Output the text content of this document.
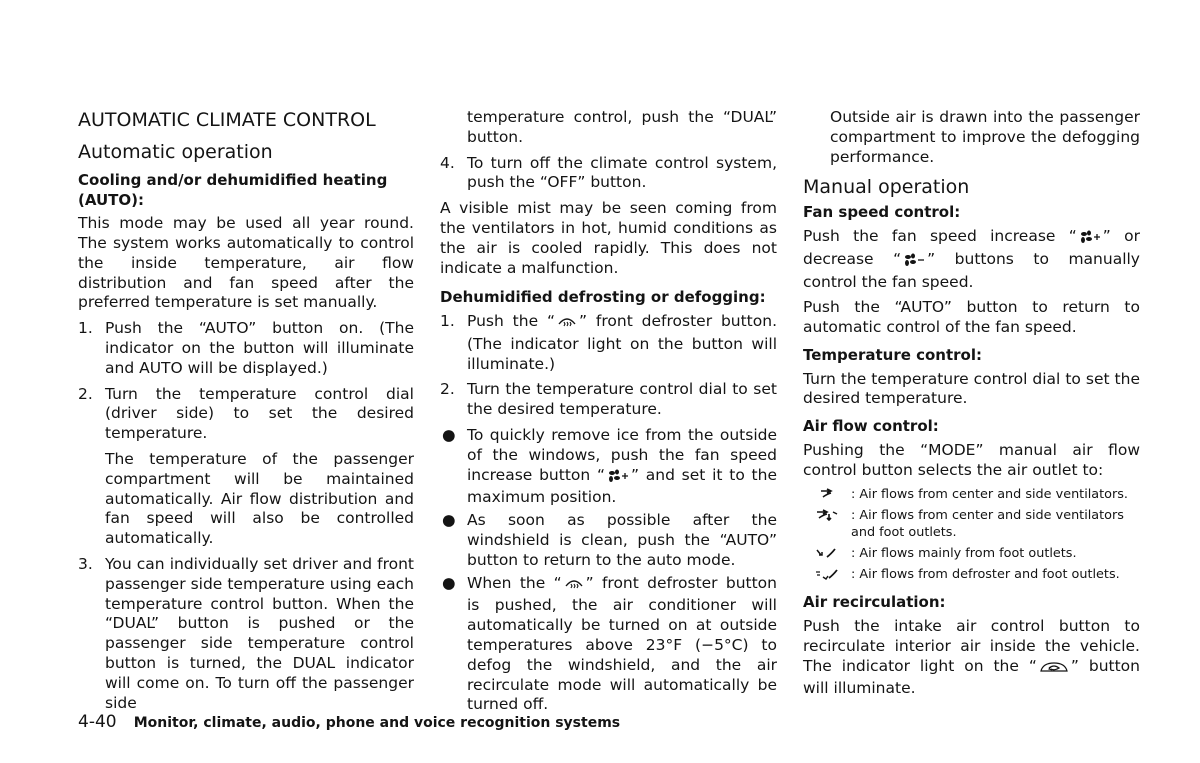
AUTOMATIC CLIMATE CONTROL
Automatic operation
Cooling and/or dehumidified heating (AUTO):
This mode may be used all year round. The system works automatically to control the inside temperature, air flow distribution and fan speed after the preferred temperature is set manually.
1. Push the “AUTO” button on. (The indicator on the button will illuminate and AUTO will be displayed.)
2. Turn the temperature control dial (driver side) to set the desired temperature.
The temperature of the passenger compartment will be maintained automatically. Air flow distribution and fan speed will also be controlled automatically.
3. You can individually set driver and front passenger side temperature using each temperature control button. When the “DUAL” button is pushed or the passenger side temperature control button is turned, the DUAL indicator will come on. To turn off the passenger side
temperature control, push the “DUAL” button.
4. To turn off the climate control system, push the “OFF” button.
A visible mist may be seen coming from the ventilators in hot, humid conditions as the air is cooled rapidly. This does not indicate a malfunction.
Dehumidified defrosting or defogging:
1. Push the “ ” front defroster button. (The indicator light on the button will illuminate.)
2. Turn the temperature control dial to set the desired temperature.
● To quickly remove ice from the outside of the windows, push the fan speed increase button “ ” and set it to the maximum position.
● As soon as possible after the windshield is clean, push the “AUTO” button to return to the auto mode.
● When the “ ” front defroster button is pushed, the air conditioner will automatically be turned on at outside temperatures above 23°F (−5°C) to defog the windshield, and the air recirculate mode will automatically be turned off.
Outside air is drawn into the passenger compartment to improve the defogging performance.
Manual operation
Fan speed control:
Push the fan speed increase “ ” or decrease “ ” buttons to manually control the fan speed.
Push the “AUTO” button to return to automatic control of the fan speed.
Temperature control:
Turn the temperature control dial to set the desired temperature.
Air flow control:
Pushing the “MODE” manual air flow control button selects the air outlet to:
: Air flows from center and side ventilators.
: Air flows from center and side ventilators and foot outlets.
: Air flows mainly from foot outlets.
: Air flows from defroster and foot outlets.
Air recirculation:
Push the intake air control button to recirculate interior air inside the vehicle. The indicator light on the “ ” button will illuminate.
4-40 Monitor, climate, audio, phone and voice recognition systems
